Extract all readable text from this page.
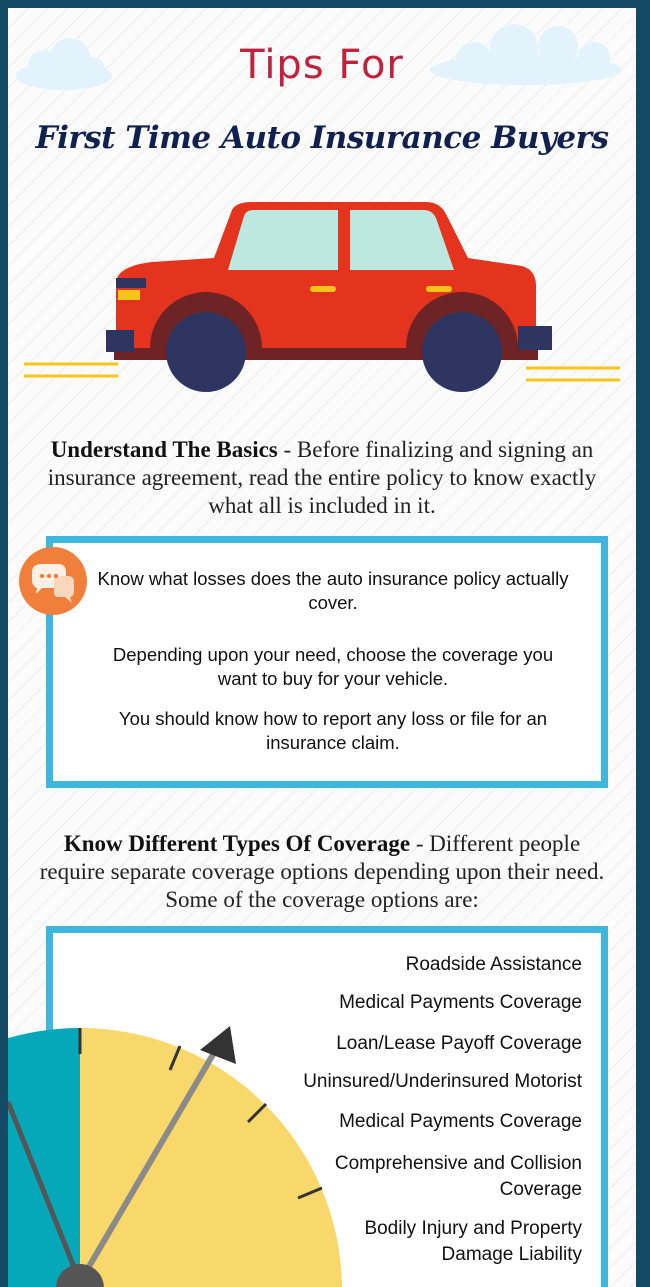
Tips For
First Time Auto Insurance Buyers
Understand The Basics - Before finalizing and signing an insurance agreement, read the entire policy to know exactly what all is included in it.

Know what losses does the auto insurance policy actually cover.

Depending upon your need, choose the coverage you want to buy for your vehicle.

You should know how to report any loss or file for an insurance claim.

Know Different Types Of Coverage - Different people require separate coverage options depending upon their need. Some of the coverage options are:
Roadside Assistance
Medical Payments Coverage
Loan/Lease Payoff Coverage
Uninsured/Underinsured Motorist
Medical Payments Coverage
Comprehensive and Collision Coverage
Bodily Injury and Property Damage Liability
